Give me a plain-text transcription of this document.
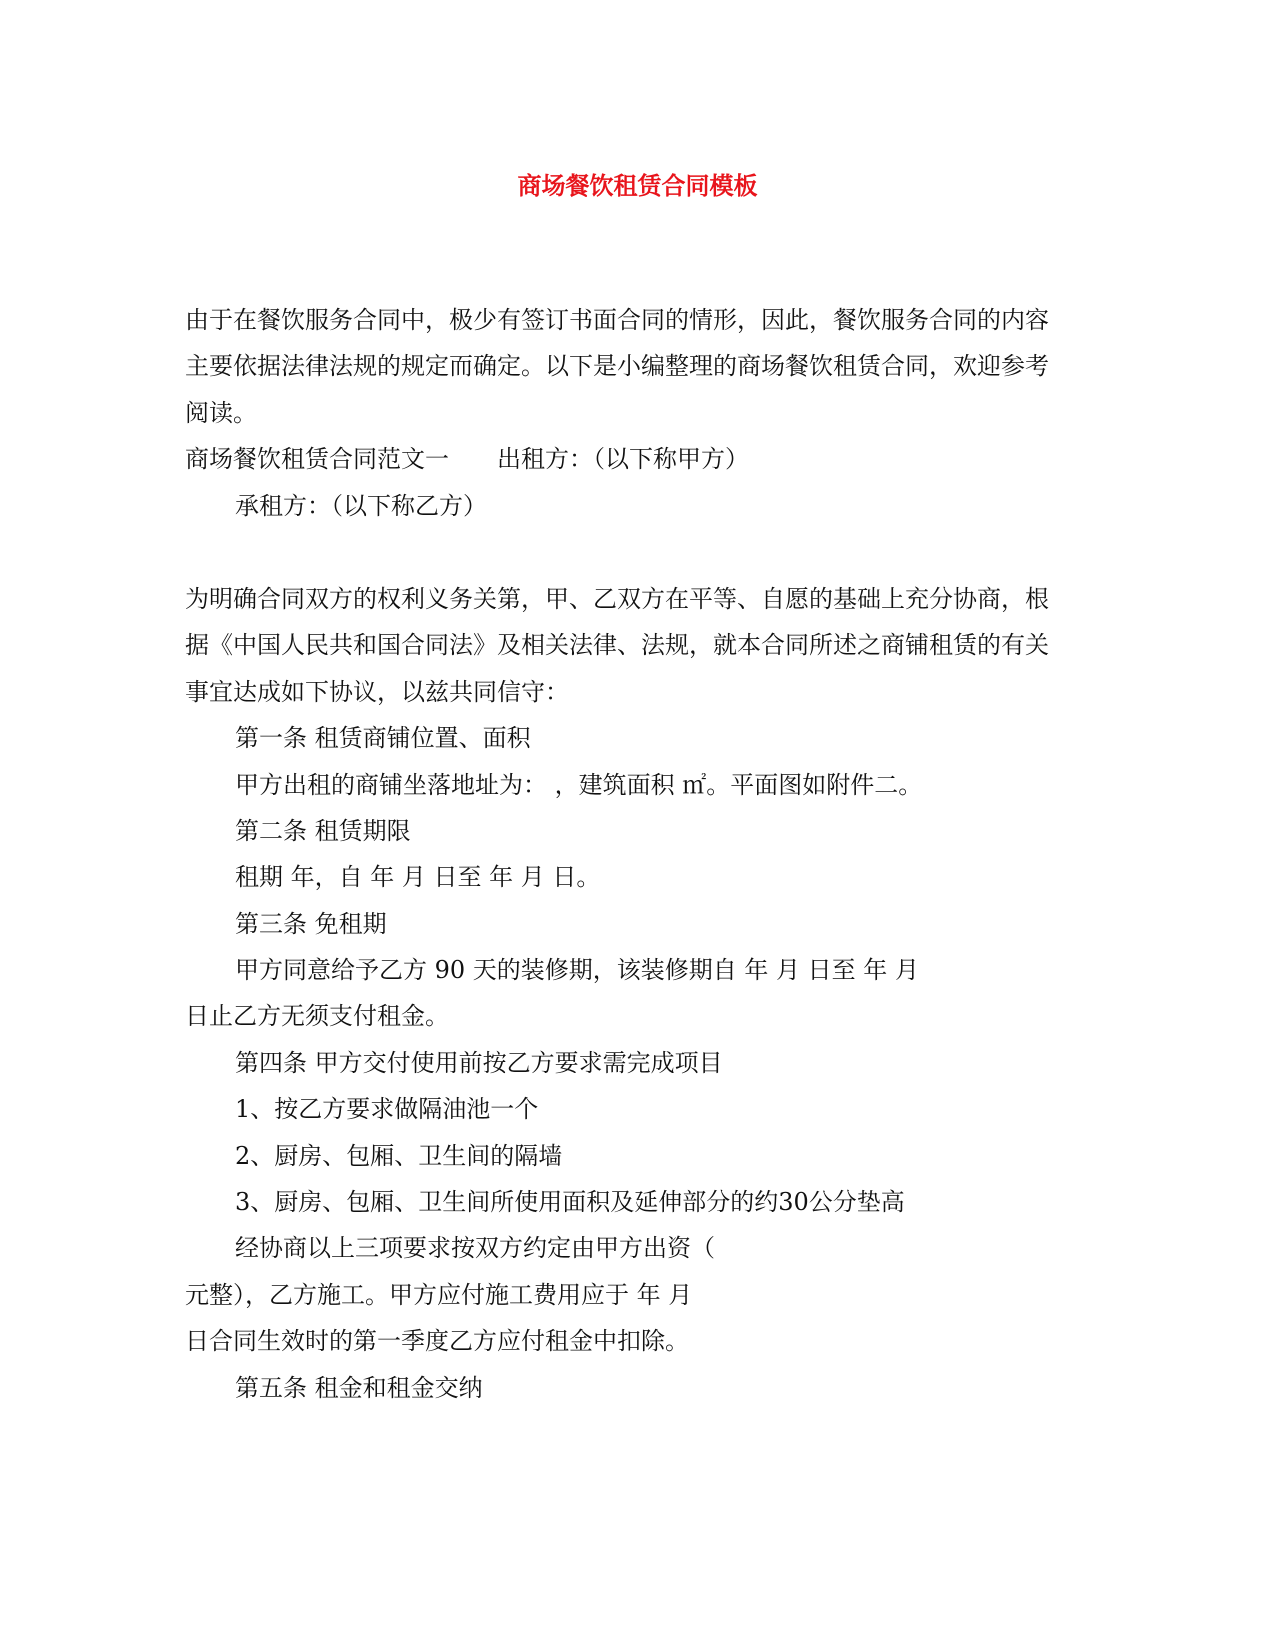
商场餐饮租赁合同模板
由于在餐饮服务合同中，极少有签订书面合同的情形，因此，餐饮服务合同的内容
主要依据法律法规的规定而确定。以下是小编整理的商场餐饮租赁合同，欢迎参考
阅读。
商场餐饮租赁合同范文一 出租方：（以下称甲方）
承租方：（以下称乙方）
为明确合同双方的权利义务关第，甲、乙双方在平等、自愿的基础上充分协商，根
据《中国人民共和国合同法》及相关法律、法规，就本合同所述之商铺租赁的有关
事宜达成如下协议，以兹共同信守：
第一条 租赁商铺位置、面积
甲方出租的商铺坐落地址为： ，建筑面积 ㎡。平面图如附件二。
第二条 租赁期限
租期 年，自 年 月 日至 年 月 日。
第三条 免租期
甲方同意给予乙方 90 天的装修期，该装修期自 年 月 日至 年 月
日止乙方无须支付租金。
第四条 甲方交付使用前按乙方要求需完成项目
1、按乙方要求做隔油池一个
2、厨房、包厢、卫生间的隔墙
3、厨房、包厢、卫生间所使用面积及延伸部分的约30公分垫高
经协商以上三项要求按双方约定由甲方出资（
元整），乙方施工。甲方应付施工费用应于 年 月
日合同生效时的第一季度乙方应付租金中扣除。
第五条 租金和租金交纳
